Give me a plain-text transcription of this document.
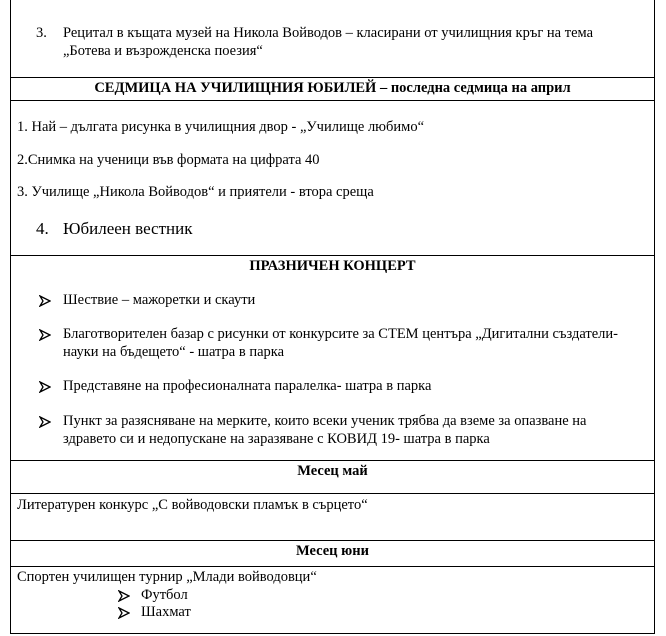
3. Рецитал в къщата музей на Никола Войводов – класирани от училищния кръг на тема
„Ботева и възрожденска поезия“
СЕДМИЦА НА УЧИЛИЩНИЯ ЮБИЛЕЙ – последна седмица на април
1. Най – дългата рисунка в училищния двор - „Училище любимо“
2.Снимка на ученици във формата на цифрата 40
3. Училище „Никола Войводов“ и приятели - втора среща
4. Юбилеен вестник
ПРАЗНИЧЕН КОНЦЕРТ
Шествие – мажоретки и скаути
Благотворителен базар с рисунки от конкурсите за СТЕМ центъра „Дигитални създатели-
науки на бъдещето“ - шатра в парка
Представяне на професионалната паралелка- шатра в парка
Пункт за разясняване на мерките, които всеки ученик трябва да вземе за опазване на
здравето си и недопускане на заразяване с КОВИД 19- шатра в парка
Месец май
Литературен конкурс „С войводовски пламък в сърцето“
Месец юни
Спортен училищен турнир „Млади войводовци“
Футбол
Шахмат
